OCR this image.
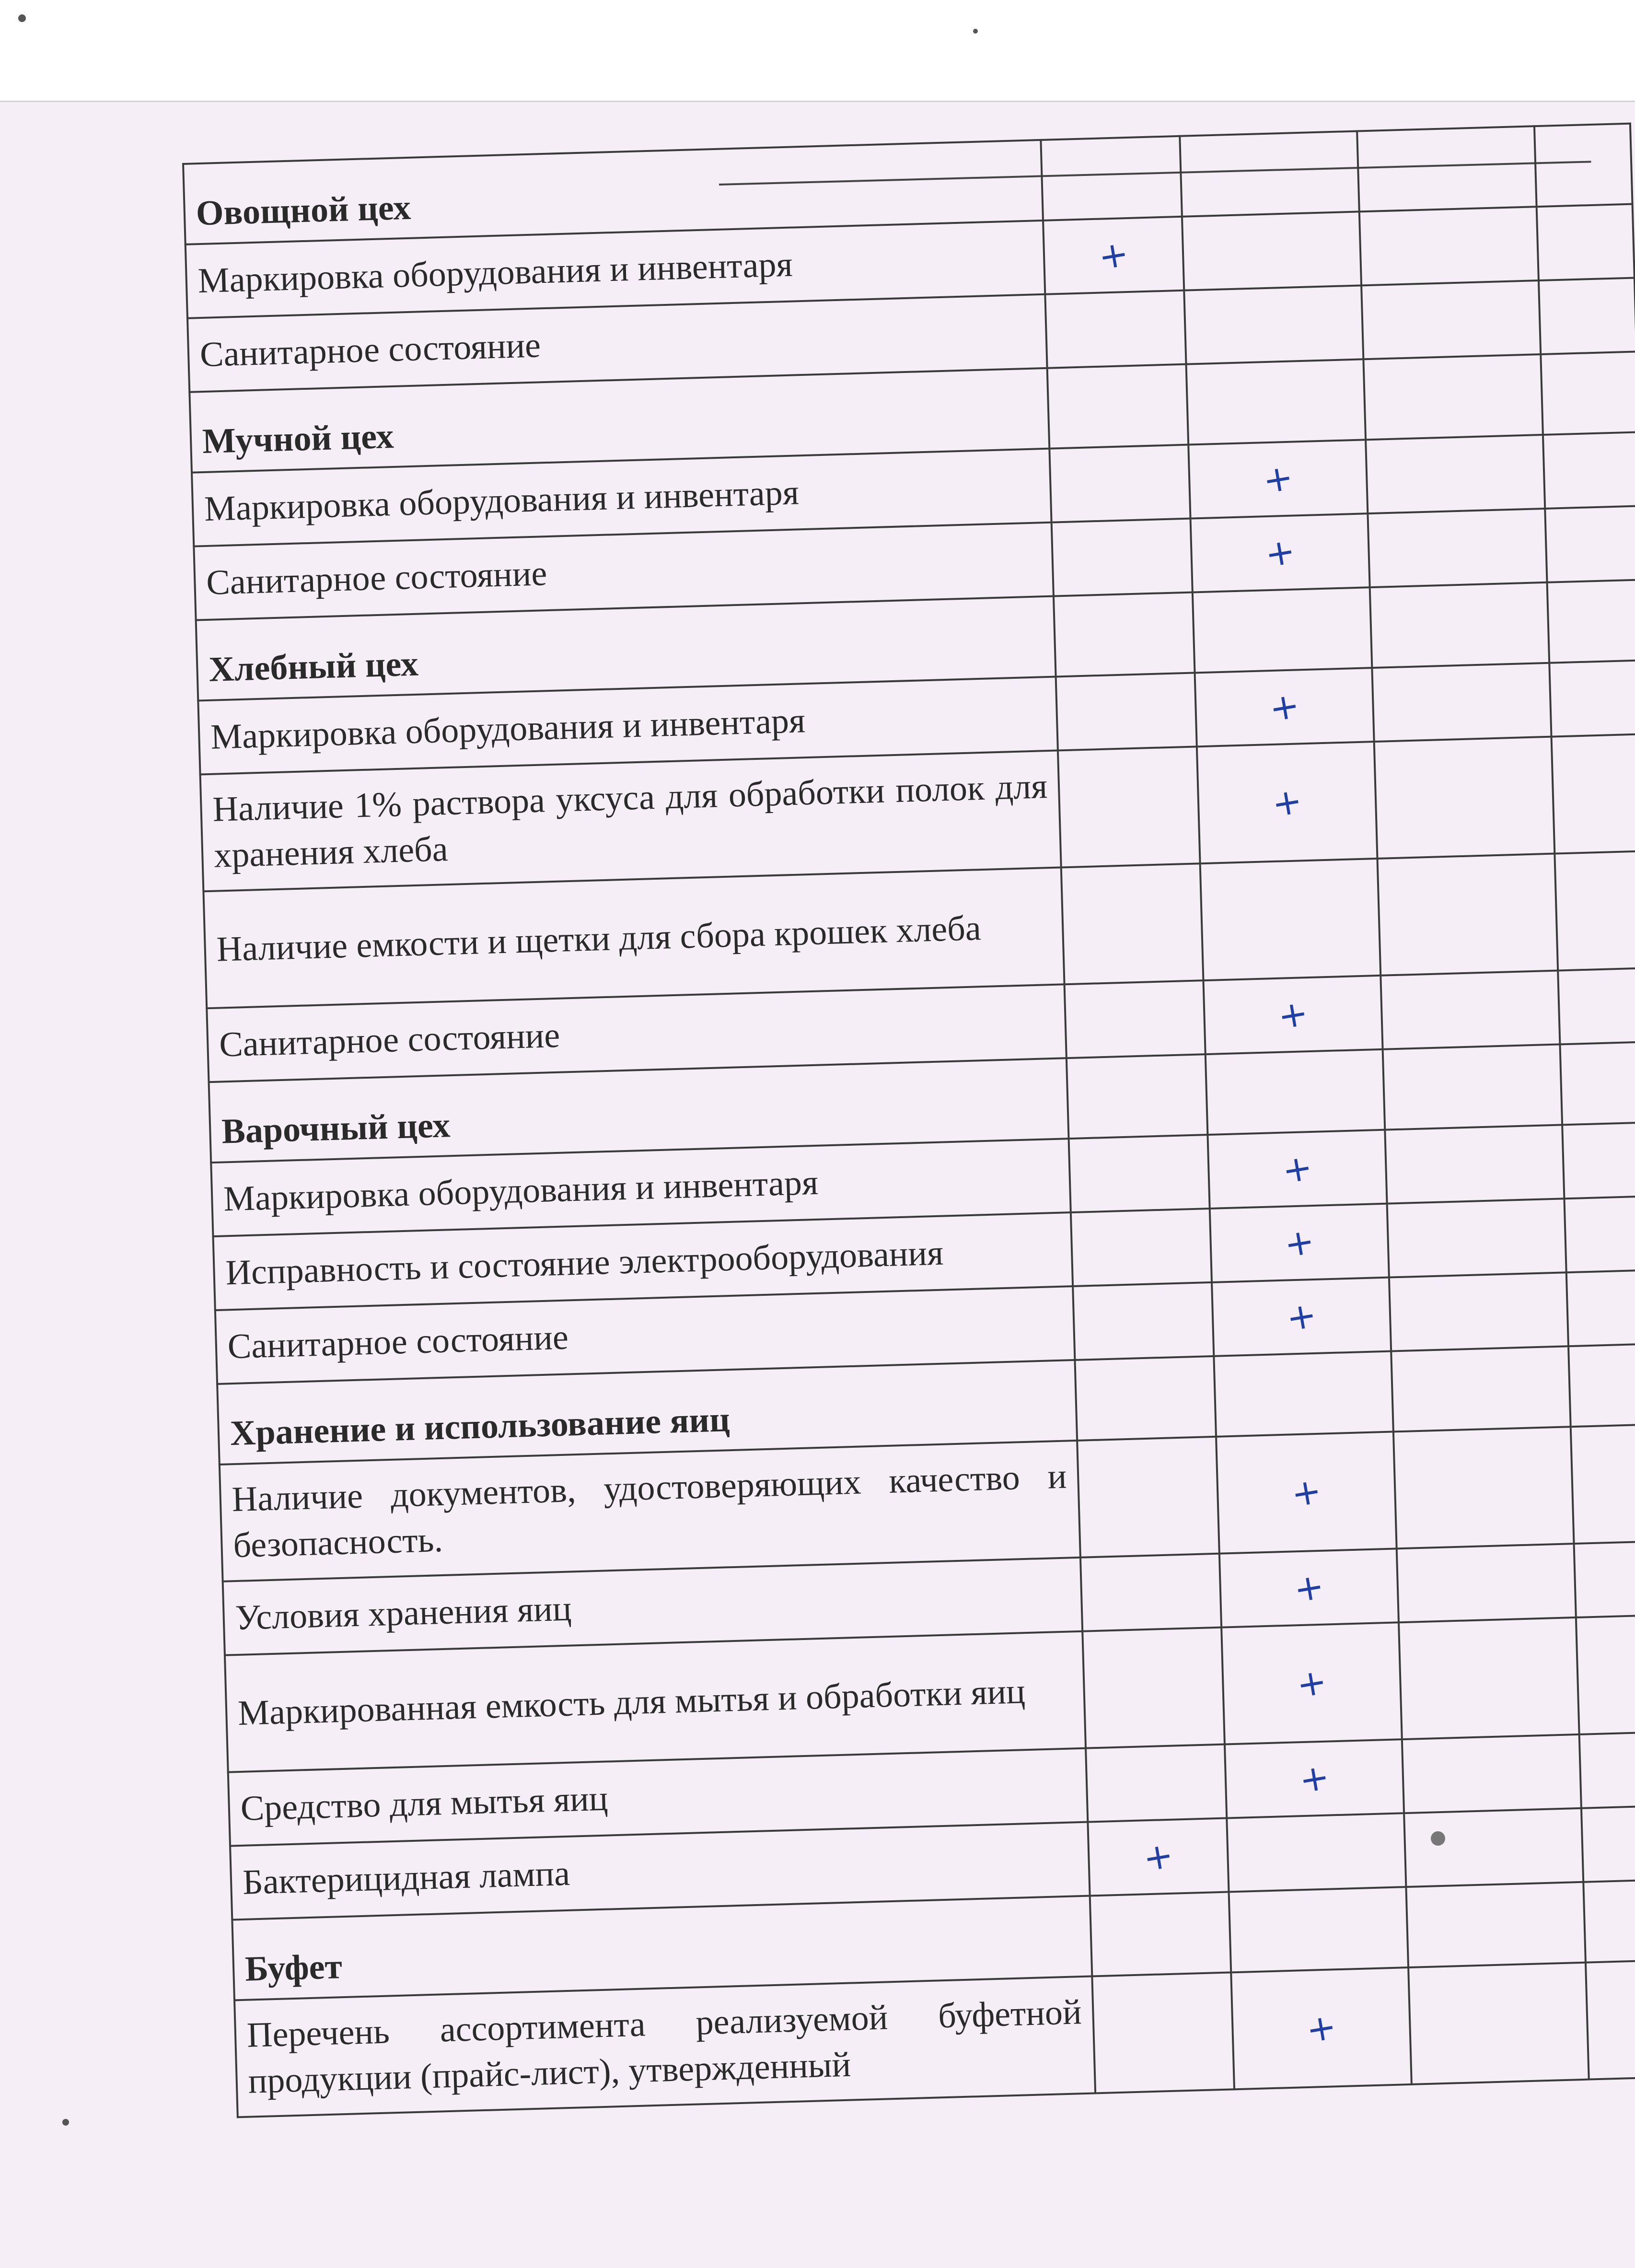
Овощной цех				
Маркировка оборудования и инвентаря	+			
Санитарное состояние				
Мучной цех				
Маркировка оборудования и инвентаря		+		
Санитарное состояние		+		
Хлебный цех				
Маркировка оборудования и инвентаря		+		
Наличие 1% раствора уксуса для обработки полок для хранения хлеба		+		
Наличие емкости и щетки для сбора крошек хлеба				
Санитарное состояние		+		
Варочный цех				
Маркировка оборудования и инвентаря		+		
Исправность и состояние электрооборудования		+		
Санитарное состояние		+		
Хранение и использование яиц				
Наличие документов, удостоверяющих качество и безопасность.		+		
Условия хранения яиц		+		
Маркированная емкость для мытья и обработки яиц		+		
Средство для мытья яиц		+		
Бактерицидная лампа	+			
Буфет				
Перечень ассортимента реализуемой буфетной продукции (прайс-лист), утвержденный		+		
